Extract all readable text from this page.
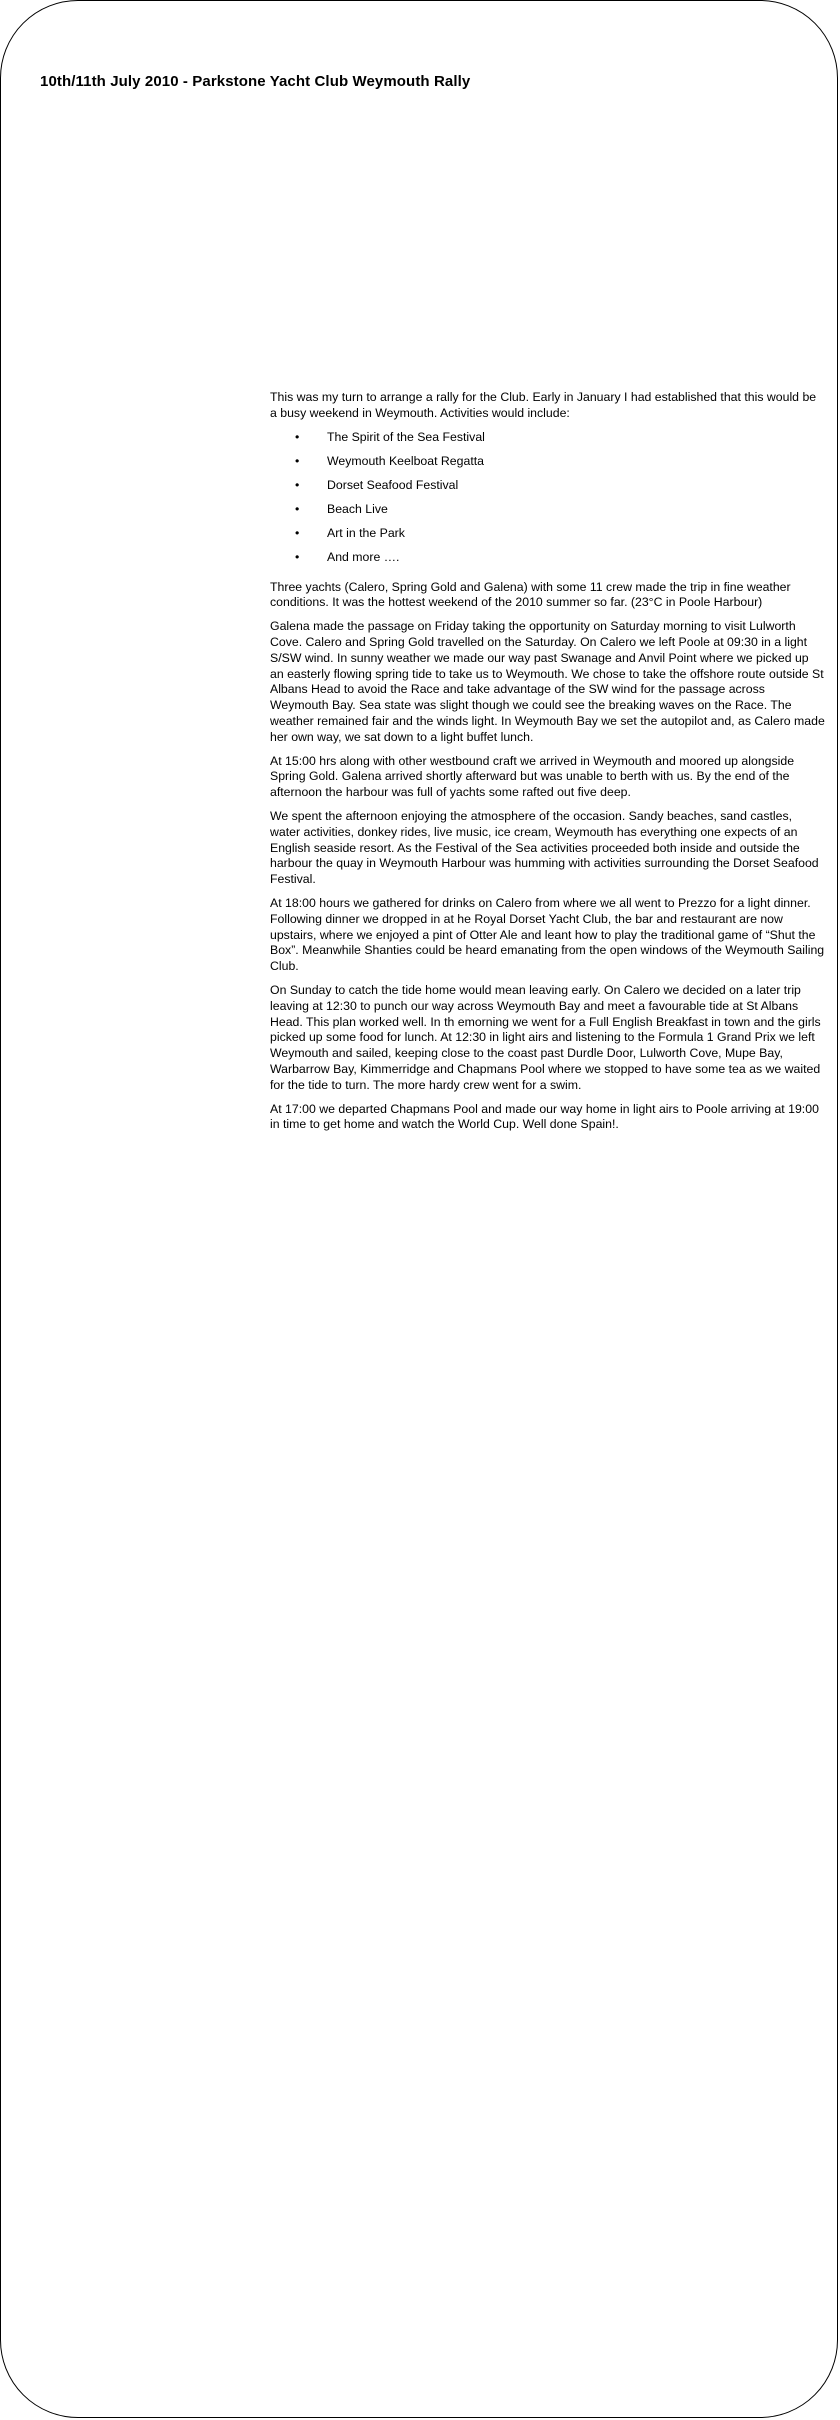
10th/11th July 2010 - Parkstone Yacht Club Weymouth Rally

This was my turn to arrange a rally for the Club. Early in January I had established that this would be a busy weekend in Weymouth. Activities would include:

• The Spirit of the Sea Festival
• Weymouth Keelboat Regatta
• Dorset Seafood Festival
• Beach Live
• Art in the Park
• And more ….

Three yachts (Calero, Spring Gold and Galena) with some 11 crew made the trip in fine weather conditions. It was the hottest weekend of the 2010 summer so far. (23°C in Poole Harbour)

Galena made the passage on Friday taking the opportunity on Saturday morning to visit Lulworth Cove. Calero and Spring Gold travelled on the Saturday. On Calero we left Poole at 09:30 in a light S/SW wind. In sunny weather we made our way past Swanage and Anvil Point where we picked up an easterly flowing spring tide to take us to Weymouth. We chose to take the offshore route outside St Albans Head to avoid the Race and take advantage of the SW wind for the passage across Weymouth Bay. Sea state was slight though we could see the breaking waves on the Race. The weather remained fair and the winds light. In Weymouth Bay we set the autopilot and, as Calero made her own way, we sat down to a light buffet lunch.

At 15:00 hrs along with other westbound craft we arrived in Weymouth and moored up alongside Spring Gold. Galena arrived shortly afterward but was unable to berth with us. By the end of the afternoon the harbour was full of yachts some rafted out five deep.

We spent the afternoon enjoying the atmosphere of the occasion. Sandy beaches, sand castles, water activities, donkey rides, live music, ice cream, Weymouth has everything one expects of an English seaside resort. As the Festival of the Sea activities proceeded both inside and outside the harbour the quay in Weymouth Harbour was humming with activities surrounding the Dorset Seafood Festival.

At 18:00 hours we gathered for drinks on Calero from where we all went to Prezzo for a light dinner. Following dinner we dropped in at he Royal Dorset Yacht Club, the bar and restaurant are now upstairs, where we enjoyed a pint of Otter Ale and leant how to play the traditional game of “Shut the Box”. Meanwhile Shanties could be heard emanating from the open windows of the Weymouth Sailing Club.

On Sunday to catch the tide home would mean leaving early. On Calero we decided on a later trip leaving at 12:30 to punch our way across Weymouth Bay and meet a favourable tide at St Albans Head. This plan worked well. In th emorning we went for a Full English Breakfast in town and the girls picked up some food for lunch. At 12:30 in light airs and listening to the Formula 1 Grand Prix we left Weymouth and sailed, keeping close to the coast past Durdle Door, Lulworth Cove, Mupe Bay, Warbarrow Bay, Kimmerridge and Chapmans Pool where we stopped to have some tea as we waited for the tide to turn. The more hardy crew went for a swim.

At 17:00 we departed Chapmans Pool and made our way home in light airs to Poole arriving at 19:00 in time to get home and watch the World Cup. Well done Spain!.
